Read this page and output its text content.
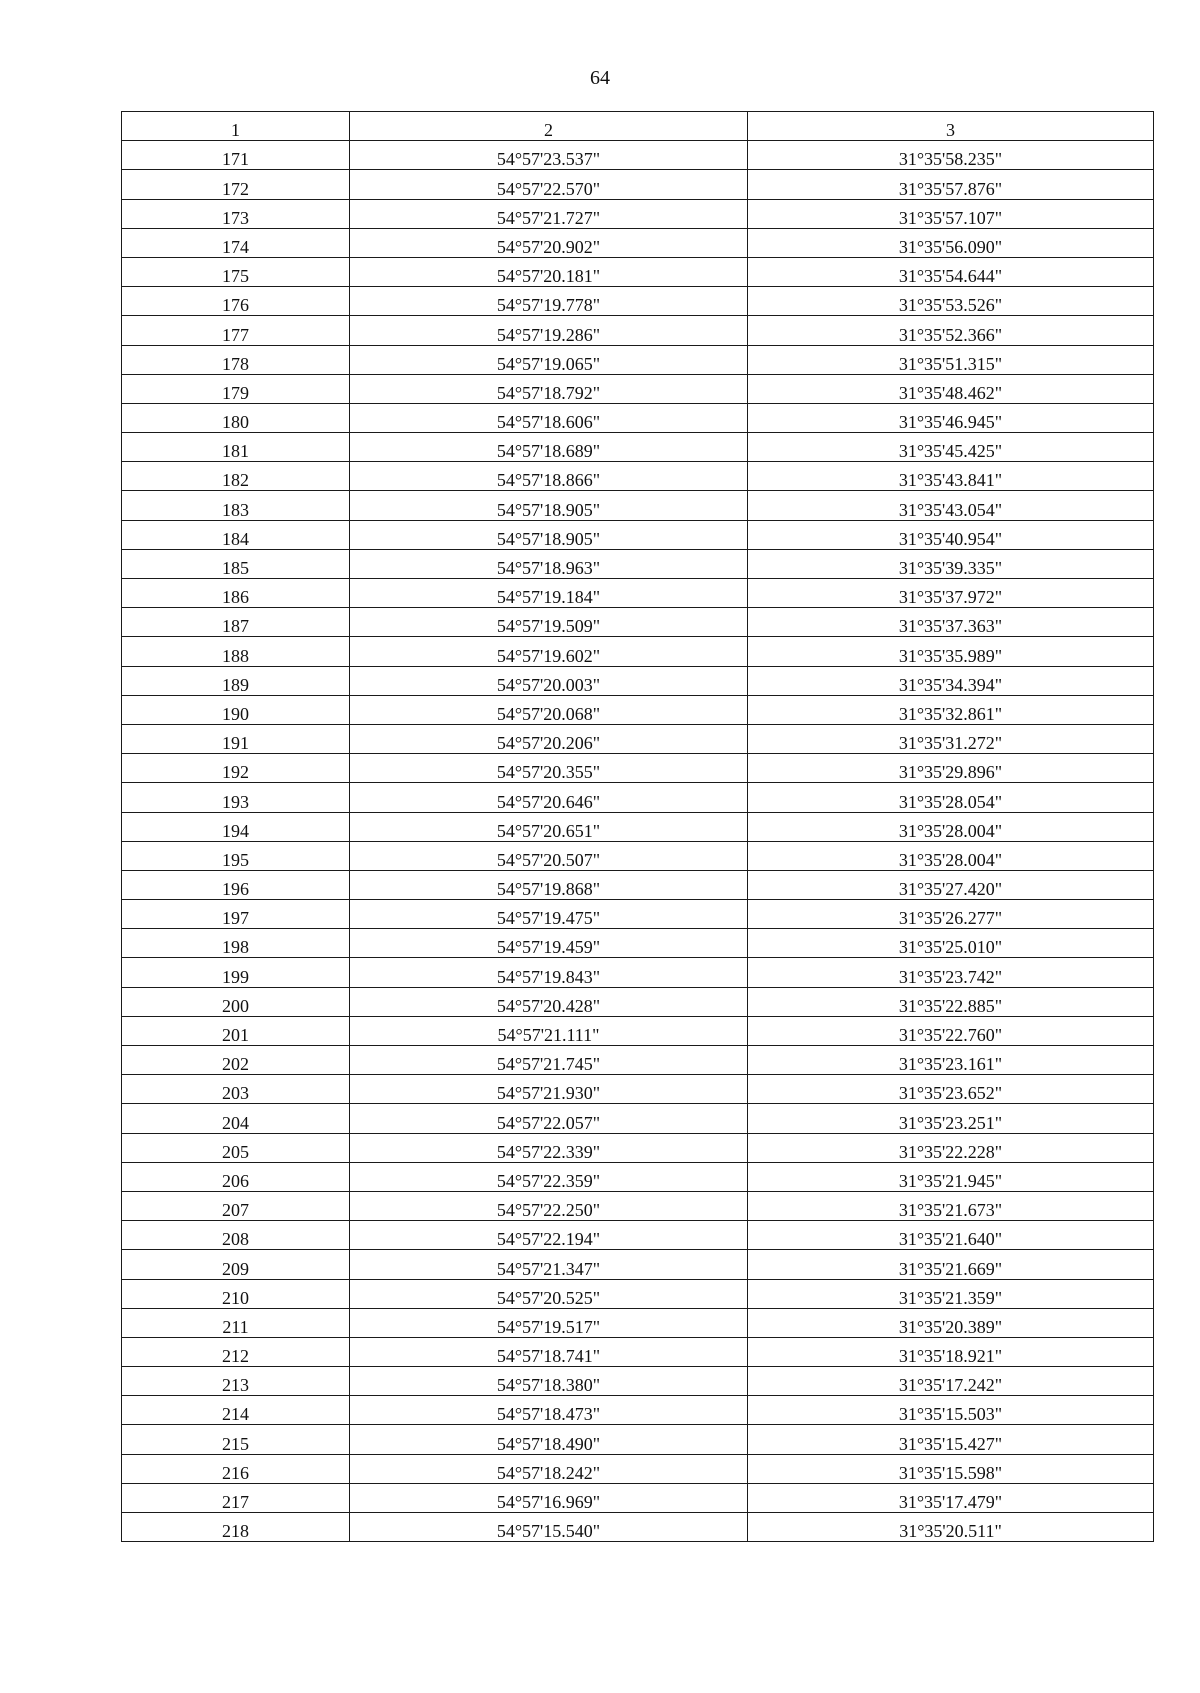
64
1	2	3
171	54°57'23.537"	31°35'58.235"
172	54°57'22.570"	31°35'57.876"
173	54°57'21.727"	31°35'57.107"
174	54°57'20.902"	31°35'56.090"
175	54°57'20.181"	31°35'54.644"
176	54°57'19.778"	31°35'53.526"
177	54°57'19.286"	31°35'52.366"
178	54°57'19.065"	31°35'51.315"
179	54°57'18.792"	31°35'48.462"
180	54°57'18.606"	31°35'46.945"
181	54°57'18.689"	31°35'45.425"
182	54°57'18.866"	31°35'43.841"
183	54°57'18.905"	31°35'43.054"
184	54°57'18.905"	31°35'40.954"
185	54°57'18.963"	31°35'39.335"
186	54°57'19.184"	31°35'37.972"
187	54°57'19.509"	31°35'37.363"
188	54°57'19.602"	31°35'35.989"
189	54°57'20.003"	31°35'34.394"
190	54°57'20.068"	31°35'32.861"
191	54°57'20.206"	31°35'31.272"
192	54°57'20.355"	31°35'29.896"
193	54°57'20.646"	31°35'28.054"
194	54°57'20.651"	31°35'28.004"
195	54°57'20.507"	31°35'28.004"
196	54°57'19.868"	31°35'27.420"
197	54°57'19.475"	31°35'26.277"
198	54°57'19.459"	31°35'25.010"
199	54°57'19.843"	31°35'23.742"
200	54°57'20.428"	31°35'22.885"
201	54°57'21.111"	31°35'22.760"
202	54°57'21.745"	31°35'23.161"
203	54°57'21.930"	31°35'23.652"
204	54°57'22.057"	31°35'23.251"
205	54°57'22.339"	31°35'22.228"
206	54°57'22.359"	31°35'21.945"
207	54°57'22.250"	31°35'21.673"
208	54°57'22.194"	31°35'21.640"
209	54°57'21.347"	31°35'21.669"
210	54°57'20.525"	31°35'21.359"
211	54°57'19.517"	31°35'20.389"
212	54°57'18.741"	31°35'18.921"
213	54°57'18.380"	31°35'17.242"
214	54°57'18.473"	31°35'15.503"
215	54°57'18.490"	31°35'15.427"
216	54°57'18.242"	31°35'15.598"
217	54°57'16.969"	31°35'17.479"
218	54°57'15.540"	31°35'20.511"
